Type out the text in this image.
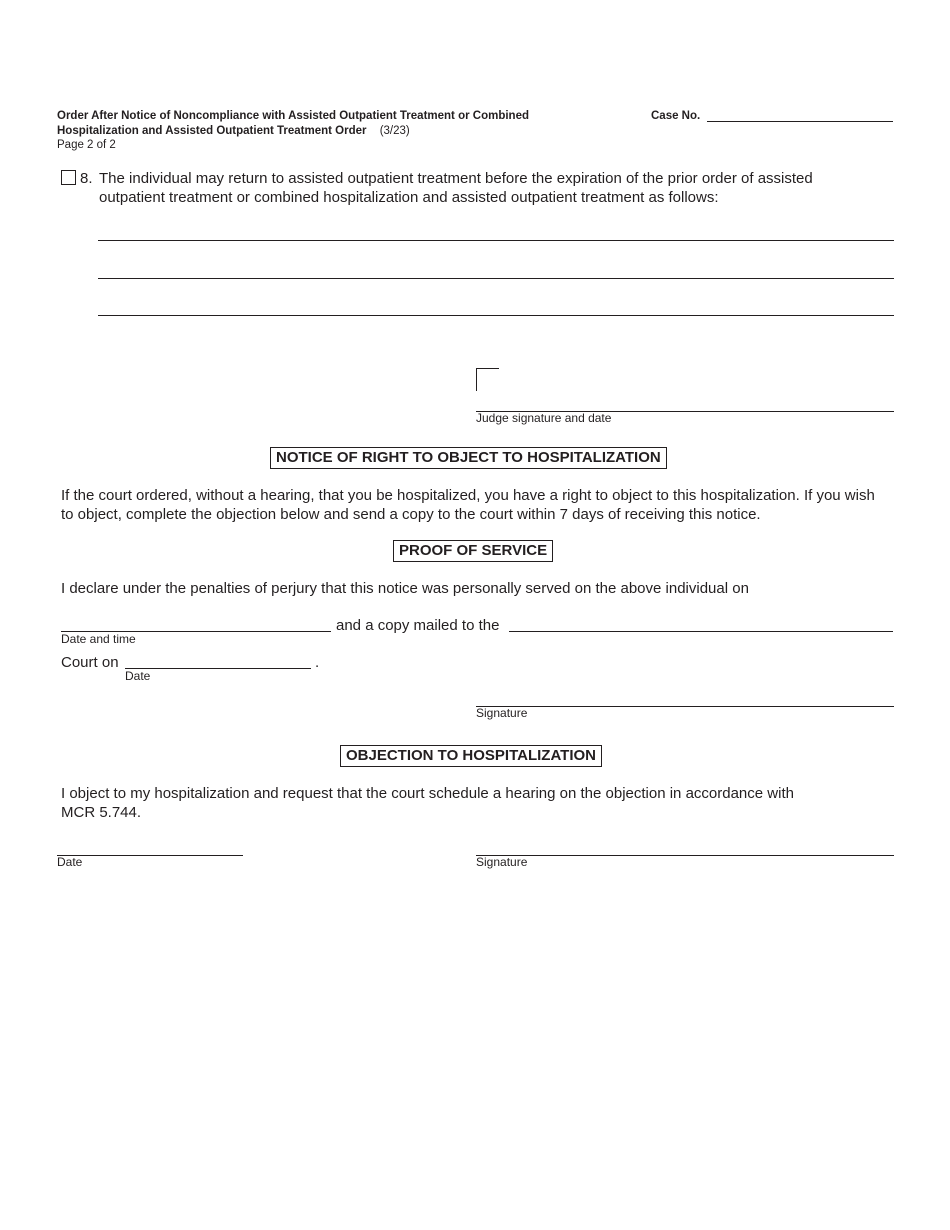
Order After Notice of Noncompliance with Assisted Outpatient Treatment or Combined
Hospitalization and Assisted Outpatient Treatment Order (3/23)
Page 2 of 2
Case No.
8. The individual may return to assisted outpatient treatment before the expiration of the prior order of assisted
outpatient treatment or combined hospitalization and assisted outpatient treatment as follows:
Judge signature and date
NOTICE OF RIGHT TO OBJECT TO HOSPITALIZATION
If the court ordered, without a hearing, that you be hospitalized, you have a right to object to this hospitalization. If you wish
to object, complete the objection below and send a copy to the court within 7 days of receiving this notice.
PROOF OF SERVICE
I declare under the penalties of perjury that this notice was personally served on the above individual on
Date and time
and a copy mailed to the
Court on	.
Date
Signature
OBJECTION TO HOSPITALIZATION
I object to my hospitalization and request that the court schedule a hearing on the objection in accordance with
MCR 5.744.
Date	Signature
